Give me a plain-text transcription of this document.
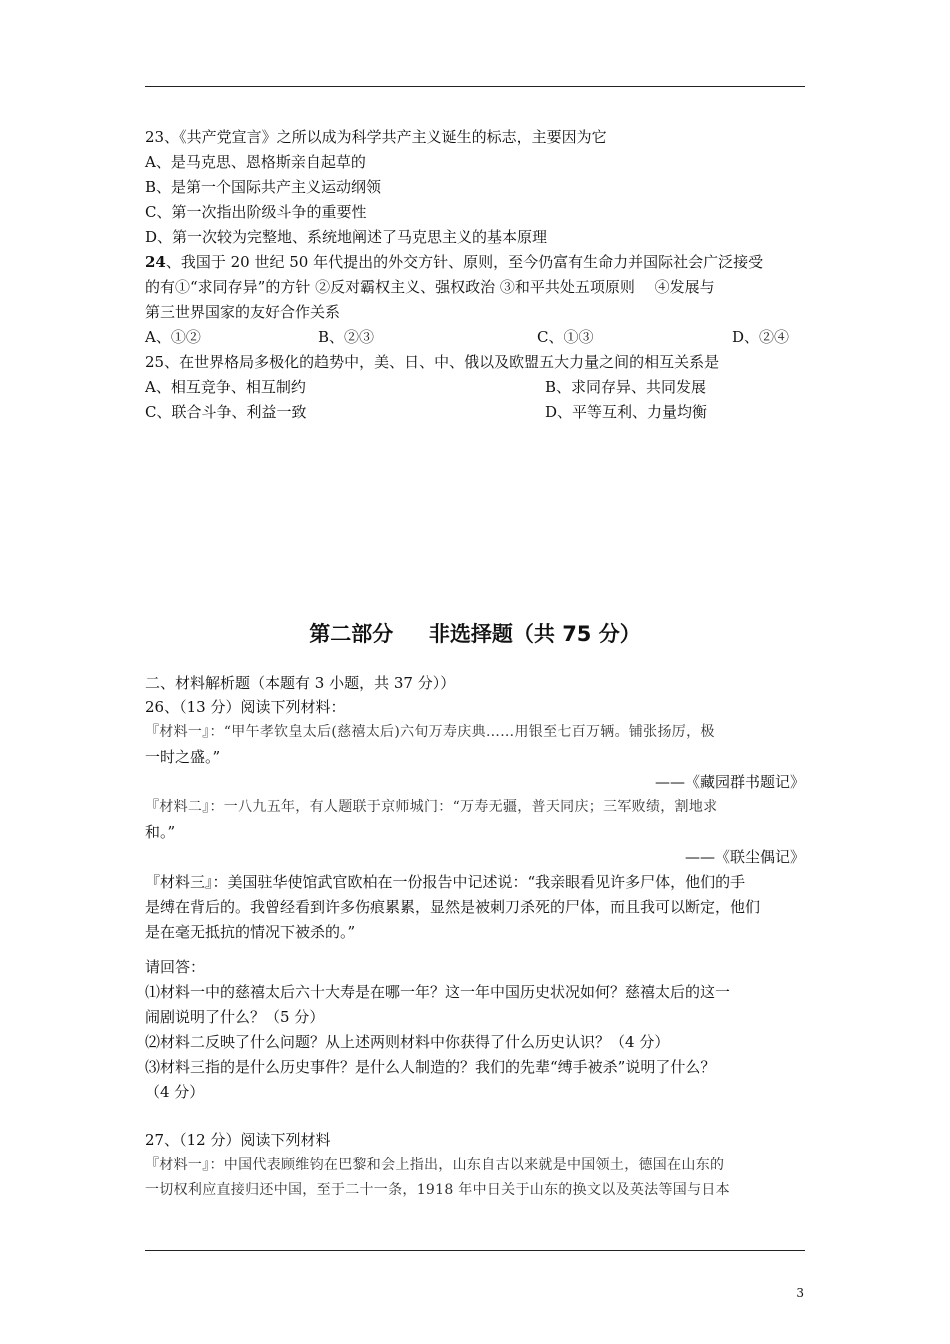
23、《共产党宣言》之所以成为科学共产主义诞生的标志，主要因为它
A、是马克思、恩格斯亲自起草的
B、是第一个国际共产主义运动纲领
C、第一次指出阶级斗争的重要性
D、第一次较为完整地、系统地阐述了马克思主义的基本原理
24、我国于 20 世纪 50 年代提出的外交方针、原则，至今仍富有生命力并国际社会广泛接受
的有①“求同存异”的方针 ②反对霸权主义、强权政治 ③和平共处五项原则　 ④发展与
第三世界国家的友好合作关系
A、①②	B、②③	C、①③	D、②④
25、在世界格局多极化的趋势中，美、日、中、俄以及欧盟五大力量之间的相互关系是
A、相互竞争、相互制约	B、求同存异、共同发展
C、联合斗争、利益一致	D、平等互利、力量均衡
第二部分　  非选择题（共 75 分）
二、材料解析题（本题有 3 小题，共 37 分））
26、（13 分）阅读下列材料：
『材料一』：“甲午孝钦皇太后(慈禧太后)六旬万寿庆典……用银至七百万辆。铺张扬厉，极
一时之盛。”
——《藏园群书题记》
『材料二』：一八九五年，有人题联于京师城门：“万寿无疆，普天同庆；三军败绩，割地求
和。”
——《联尘偶记》
『材料三』：美国驻华使馆武官欧柏在一份报告中记述说：“我亲眼看见许多尸体，他们的手
是缚在背后的。我曾经看到许多伤痕累累，显然是被刺刀杀死的尸体，而且我可以断定，他们
是在毫无抵抗的情况下被杀的。”
请回答：
⑴材料一中的慈禧太后六十大寿是在哪一年？这一年中国历史状况如何？慈禧太后的这一
闹剧说明了什么？（5 分）
⑵材料二反映了什么问题？从上述两则材料中你获得了什么历史认识？（4 分）
⑶材料三指的是什么历史事件？是什么人制造的？我们的先辈“缚手被杀”说明了什么？
（4 分）
27、（12 分）阅读下列材料
『材料一』：中国代表顾维钧在巴黎和会上指出，山东自古以来就是中国领土，德国在山东的
一切权利应直接归还中国，至于二十一条，1918 年中日关于山东的换文以及英法等国与日本
3
